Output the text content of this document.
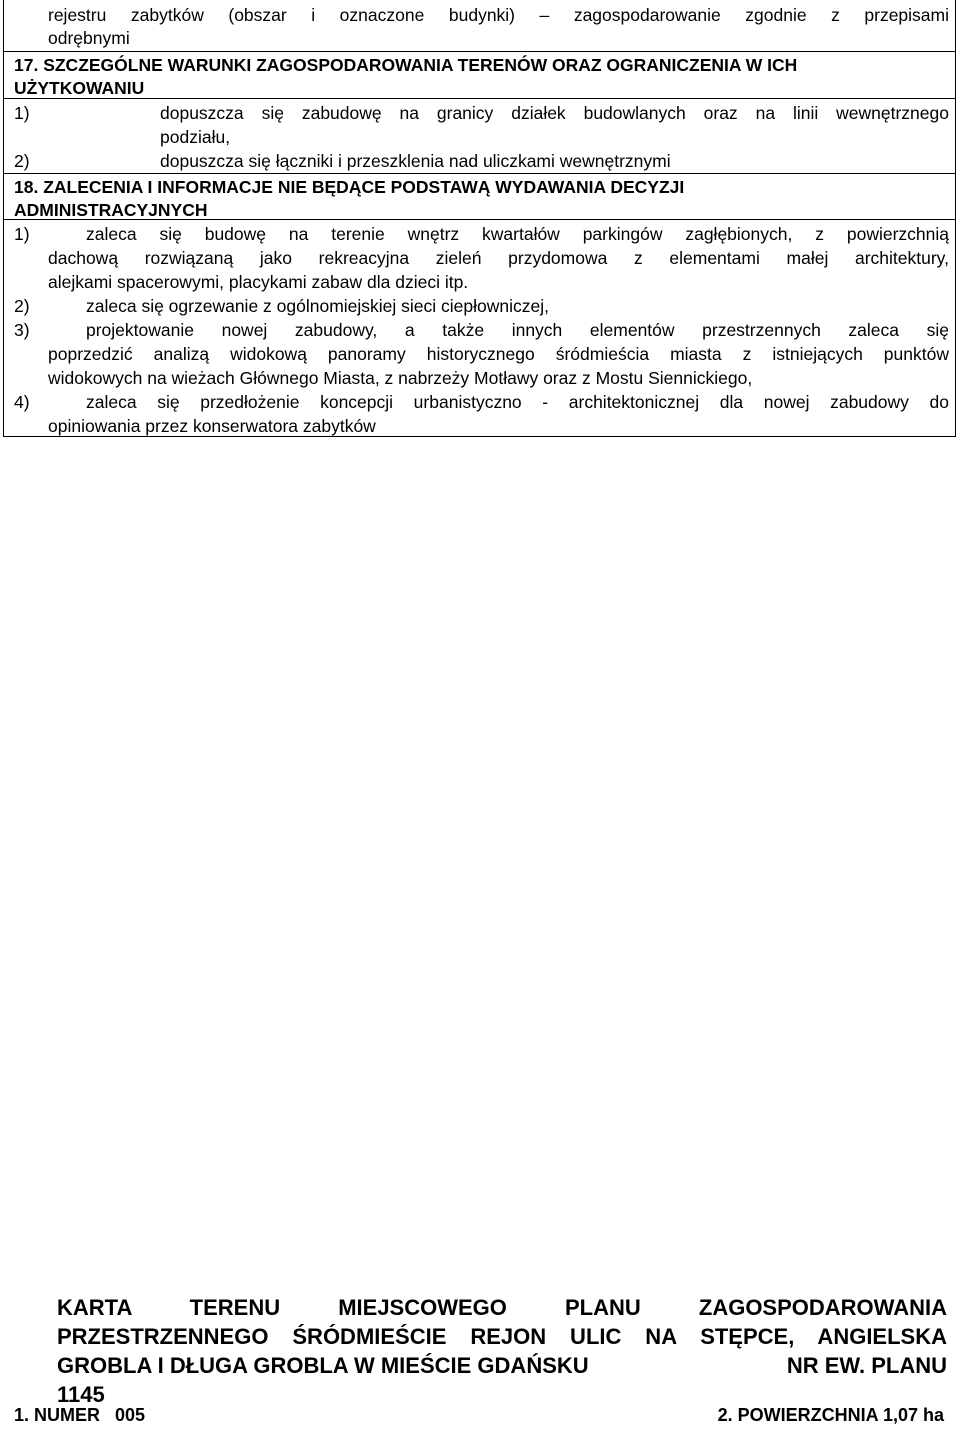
rejestru zabytków (obszar i oznaczone budynki) – zagospodarowanie zgodnie z przepisami
odrębnymi
17. SZCZEGÓLNE WARUNKI ZAGOSPODAROWANIA TERENÓW ORAZ OGRANICZENIA W ICH
UŻYTKOWANIU
1)	dopuszcza się zabudowę na granicy działek budowlanych oraz na linii wewnętrznego
podziału,
2)	dopuszcza się łączniki i przeszklenia nad uliczkami wewnętrznymi
18. ZALECENIA I INFORMACJE NIE BĘDĄCE PODSTAWĄ WYDAWANIA DECYZJI
ADMINISTRACYJNYCH
1)	zaleca się budowę na terenie wnętrz kwartałów parkingów zagłębionych, z powierzchnią
dachową rozwiązaną jako rekreacyjna zieleń przydomowa z elementami małej architektury,
alejkami spacerowymi, placykami zabaw dla dzieci itp.
2)	zaleca się ogrzewanie z ogólnomiejskiej sieci ciepłowniczej,
3)	projektowanie nowej zabudowy, a także innych elementów przestrzennych zaleca się
poprzedzić analizą widokową panoramy historycznego śródmieścia miasta z istniejących punktów
widokowych na wieżach Głównego Miasta, z nabrzeży Motławy oraz z Mostu Siennickiego,
4)	zaleca się przedłożenie koncepcji urbanistyczno - architektonicznej dla nowej zabudowy do
opiniowania przez konserwatora zabytków
KARTA TERENU MIEJSCOWEGO PLANU ZAGOSPODAROWANIA
PRZESTRZENNEGO ŚRÓDMIEŚCIE REJON ULIC NA STĘPCE, ANGIELSKA
GROBLA I DŁUGA GROBLA W MIEŚCIE GDAŃSKU	NR EW. PLANU
1145
1. NUMER   005	2. POWIERZCHNIA 1,07 ha
